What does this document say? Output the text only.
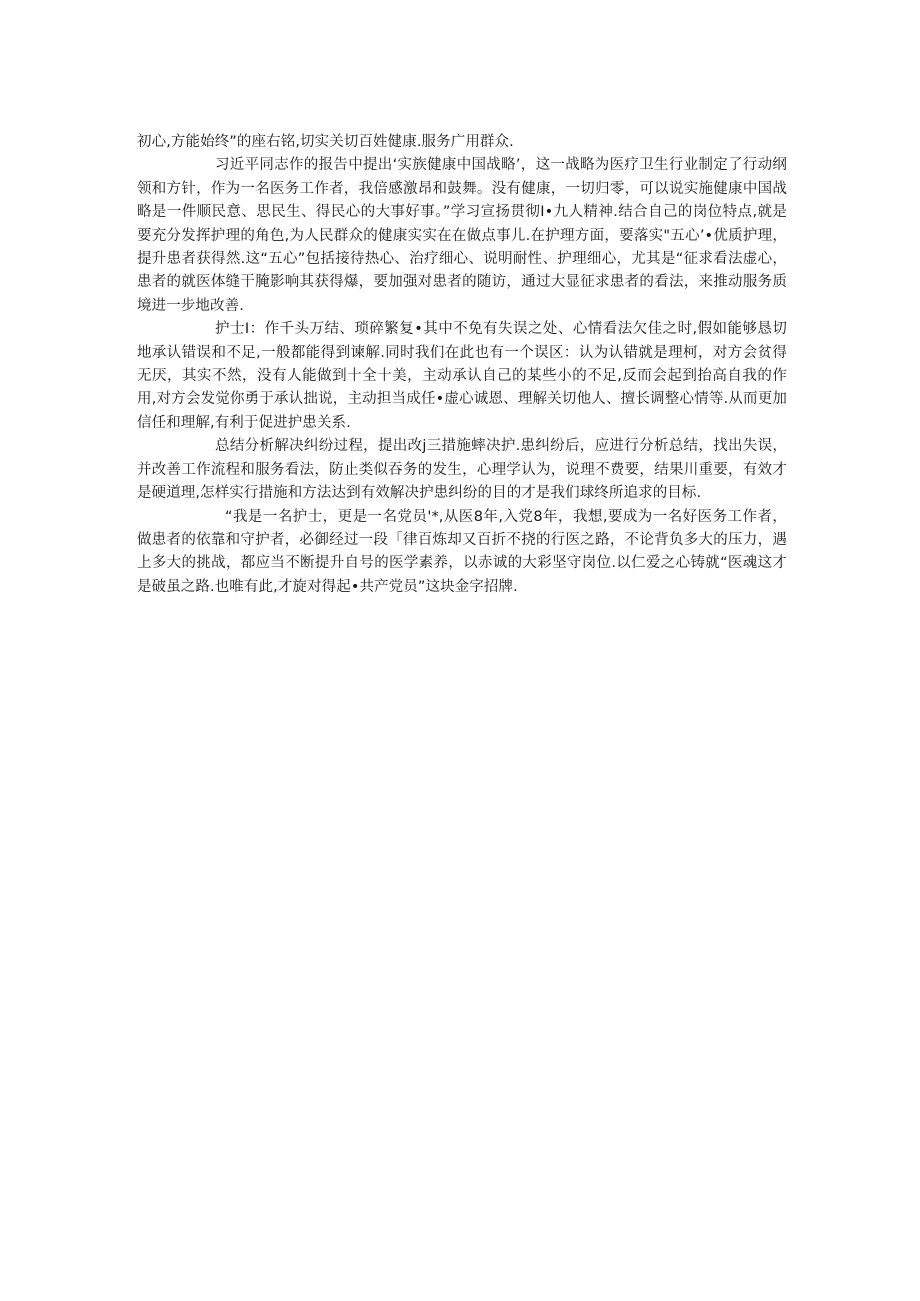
初心,方能始终”的座右铭,切实关切百姓健康.服务广用群众.

习近平同志作的报告中提出‘实族健康中国战略’，这一战略为医疗卫生行业制定了行动纲领和方针，作为一名医务工作者，我倍感激昂和鼓舞。没有健康，一切归零，可以说实施健康中国战略是一件顺民意、思民生、得民心的大事好事。”学习宣扬贯彻I•九人精神.结合自己的岗位特点,就是要充分发挥护理的角色,为人民群众的健康实实在在做点事儿.在护理方面，要落实"五心’•优质护理，提升患者获得然.这“五心”包括接待热心、治疗细心、说明耐性、护理细心，尤其是“征求看法虚心，患者的就医体缝干腌影响其获得爆，要加强对患者的随访，通过大显征求患者的看法，来推动服务质境进一步地改善.

护士I：作千头万结、琐碎繁复•其中不免有失误之处、心情看法欠佳之时,假如能够恳切地承认错误和不足,一般都能得到谏解.同时我们在此也有一个误区：认为认错就是理柯，对方会贫得无厌，其实不然，没有人能做到十全十美，主动承认自己的某些小的不足,反而会起到抬高自我的作用,对方会发觉你勇于承认拙说，主动担当成任•虚心诚恩、理解关切他人、擅长调整心情等.从而更加信任和理解,有利于促进护患关系.

总结分析解决纠纷过程，提出改j三措施蟀决护.患纠纷后，应进行分析总结，找出失误，并改善工作流程和服务看法，防止类似吞务的发生，心理学认为，说理不费要，结果川重要，有效才是硬道理,怎样实行措施和方法达到有效解决护患纠纷的目的才是我们球终所追求的目标.

“我是一名护士，更是一名党员'*,从医8年,入党8年，我想,要成为一名好医务工作者，做患者的依靠和守护者，必御经过一段「律百炼却又百折不挠的行医之路，不论背负多大的压力，遇上多大的挑战，都应当不断提升自号的医学素养，以赤诚的大彩坚守岗位.以仁爱之心铸就“医魂这才是破虽之路.也唯有此,才旋对得起•共产党员”这块金字招牌.
